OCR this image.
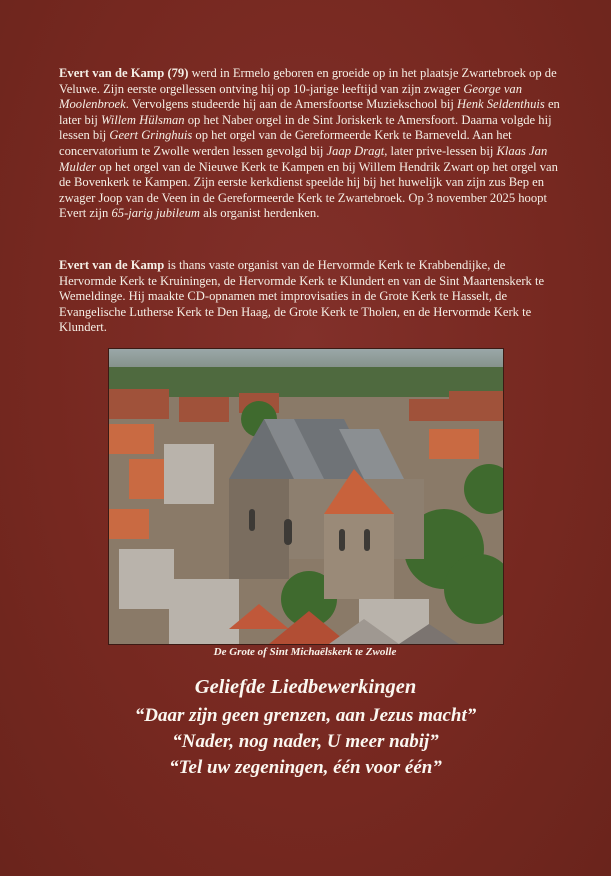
Evert van de Kamp (79) werd in Ermelo geboren en groeide op in het plaatsje Zwartebroek op de Veluwe. Zijn eerste orgellessen ontving hij op 10-jarige leeftijd van zijn zwager George van Moolenbroek. Vervolgens studeerde hij aan de Amersfoortse Muziekschool bij Henk Seldenthuis en later bij Willem Hülsman op het Naber orgel in de Sint Joriskerk te Amersfoort. Daarna volgde hij lessen bij Geert Gringhuis op het orgel van de Gereformeerde Kerk te Barneveld. Aan het concervatorium te Zwolle werden lessen gevolgd bij Jaap Dragt, later prive-lessen bij Klaas Jan Mulder op het orgel van de Nieuwe Kerk te Kampen en bij Willem Hendrik Zwart op het orgel van de Bovenkerk te Kampen. Zijn eerste kerkdienst speelde hij bij het huwelijk van zijn zus Bep en zwager Joop van de Veen in de Gereformeerde Kerk te Zwartebroek. Op 3 november 2025 hoopt Evert zijn 65-jarig jubileum als organist herdenken.
Evert van de Kamp is thans vaste organist van de Hervormde Kerk te Krabbendijke, de Hervormde Kerk te Kruiningen, de Hervormde Kerk te Klundert en van de Sint Maartenskerk te Wemeldinge. Hij maakte CD-opnamen met improvisaties in de Grote Kerk te Hasselt, de Evangelische Lutherse Kerk te Den Haag, de Grote Kerk te Tholen, en de Hervormde Kerk te Klundert.
De Grote of Sint Michaëlskerk te Zwolle
Geliefde Liedbewerkingen
“Daar zijn geen grenzen, aan Jezus macht”
“Nader, nog nader, U meer nabij”
“Tel uw zegeningen, één voor één”
